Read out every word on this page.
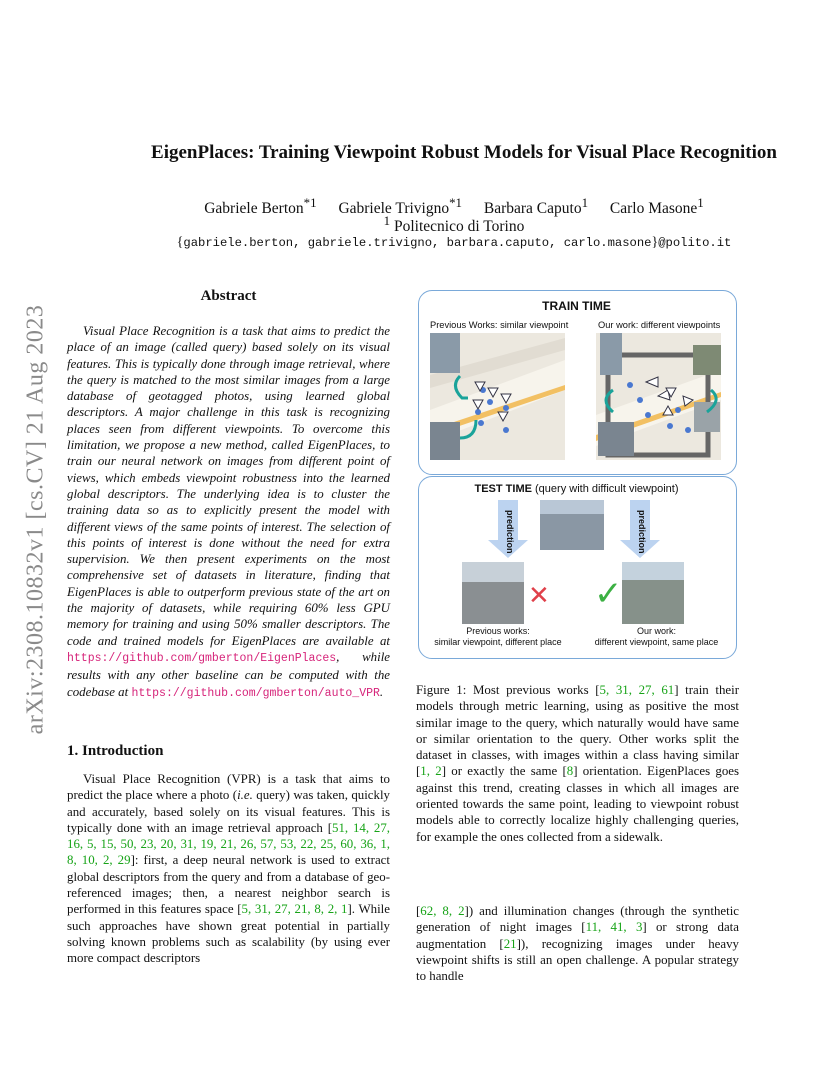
arXiv:2308.10832v1 [cs.CV] 21 Aug 2023
EigenPlaces: Training Viewpoint Robust Models for Visual Place Recognition
Gabriele Berton$^{*1}$ Gabriele Trivigno$^{*1}$ Barbara Caputo$^1$ Carlo Masone$^1$
$^1$ Politecnico di Torino
{gabriele.berton, gabriele.trivigno, barbara.caputo, carlo.masone}@polito.it
Abstract
Visual Place Recognition is a task that aims to predict the place of an image (called query) based solely on its visual features. This is typically done through image retrieval, where the query is matched to the most similar images from a large database of geotagged photos, using learned global descriptors. A major challenge in this task is recognizing places seen from different viewpoints. To overcome this limitation, we propose a new method, called EigenPlaces, to train our neural network on images from different point of views, which embeds viewpoint robustness into the learned global descriptors. The underlying idea is to cluster the training data so as to explicitly present the model with different views of the same points of interest. The selection of this points of interest is done without the need for extra supervision. We then present experiments on the most comprehensive set of datasets in literature, finding that EigenPlaces is able to outperform previous state of the art on the majority of datasets, while requiring 60% less GPU memory for training and using 50% smaller descriptors. The code and trained models for EigenPlaces are available at https://github.com/gmberton/EigenPlaces, while results with any other baseline can be computed with the codebase at https://github.com/gmberton/auto_VPR.
1. Introduction
Visual Place Recognition (VPR) is a task that aims to predict the place where a photo (i.e. query) was taken, quickly and accurately, based solely on its visual features. This is typically done with an image retrieval approach [51, 14, 27, 16, 5, 15, 50, 23, 20, 31, 19, 21, 26, 57, 53, 22, 25, 60, 36, 1, 8, 10, 2, 29]: first, a deep neural network is used to extract global descriptors from the query and from a database of geo-referenced images; then, a nearest neighbor search is performed in this features space [5, 31, 27, 21, 8, 2, 1]. While such approaches have shown great potential in partially solving known problems such as scalability (by using ever more compact descriptors
TRAIN TIME
Previous Works: similar viewpoint	Our work: different viewpoints
TEST TIME (query with difficult viewpoint)
prediction	prediction
✕ ✓
Previous works:
similar viewpoint, different place
Our work:
different viewpoint, same place
Figure 1: Most previous works [5, 31, 27, 61] train their models through metric learning, using as positive the most similar image to the query, which naturally would have same or similar orientation to the query. Other works split the dataset in classes, with images within a class having similar [1, 2] or exactly the same [8] orientation. EigenPlaces goes against this trend, creating classes in which all images are oriented towards the same point, leading to viewpoint robust models able to correctly localize highly challenging queries, for example the ones collected from a sidewalk.
[62, 8, 2]) and illumination changes (through the synthetic generation of night images [11, 41, 3] or strong data augmentation [21]), recognizing images under heavy viewpoint shifts is still an open challenge. A popular strategy to handle
